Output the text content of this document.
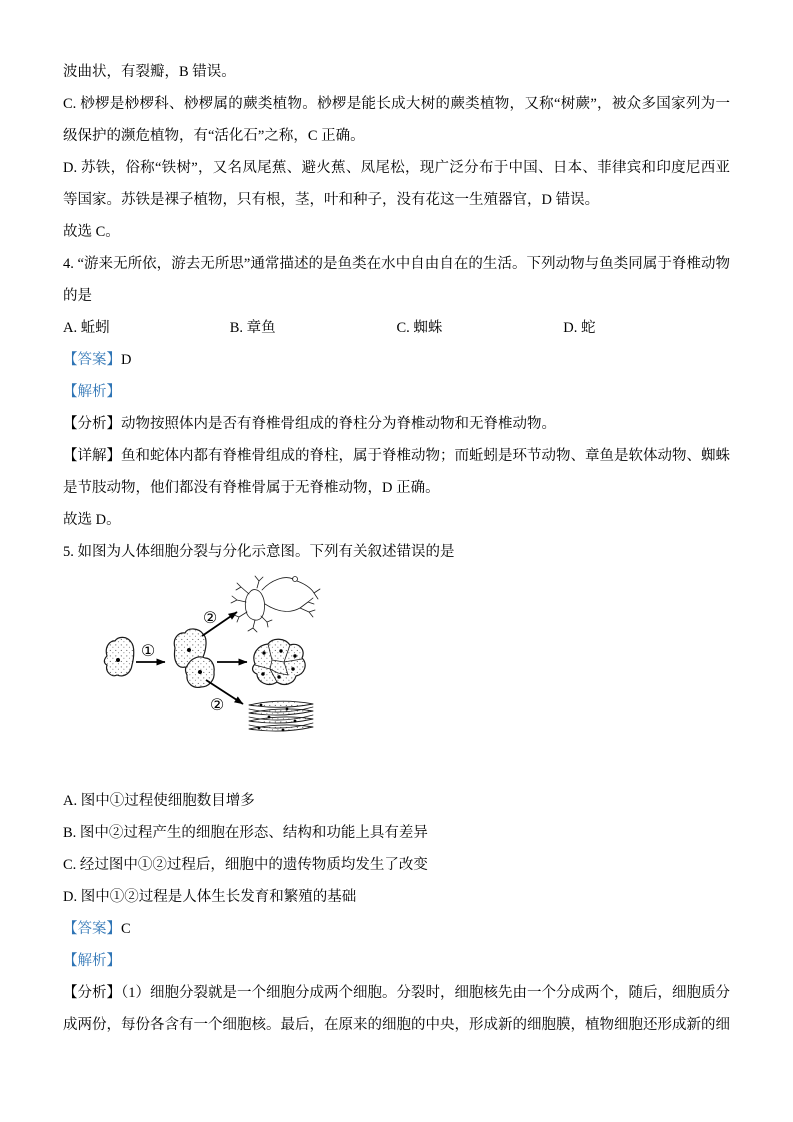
波曲状，有裂瓣，B 错误。

C. 桫椤是桫椤科、桫椤属的蕨类植物。桫椤是能长成大树的蕨类植物，又称“树蕨”，被众多国家列为一级保护的濒危植物，有“活化石”之称，C 正确。

D. 苏铁，俗称“铁树”，又名凤尾蕉、避火蕉、凤尾松，现广泛分布于中国、日本、菲律宾和印度尼西亚等国家。苏铁是裸子植物，只有根，茎，叶和种子，没有花这一生殖器官，D 错误。

故选 C。

4. “游来无所依，游去无所思”通常描述的是鱼类在水中自由自在的生活。下列动物与鱼类同属于脊椎动物的是

A. 蚯蚓	B. 章鱼	C. 蜘蛛	D. 蛇

【答案】D

【解析】

【分析】动物按照体内是否有脊椎骨组成的脊柱分为脊椎动物和无脊椎动物。

【详解】鱼和蛇体内都有脊椎骨组成的脊柱，属于脊椎动物；而蚯蚓是环节动物、章鱼是软体动物、蜘蛛是节肢动物，他们都没有脊椎骨属于无脊椎动物，D 正确。

故选 D。

5. 如图为人体细胞分裂与分化示意图。下列有关叙述错误的是

①
②
②

A. 图中①过程使细胞数目增多

B. 图中②过程产生的细胞在形态、结构和功能上具有差异

C. 经过图中①②过程后，细胞中的遗传物质均发生了改变

D. 图中①②过程是人体生长发育和繁殖的基础

【答案】C

【解析】

【分析】（1）细胞分裂就是一个细胞分成两个细胞。分裂时，细胞核先由一个分成两个，随后，细胞质分成两份，每份各含有一个细胞核。最后，在原来的细胞的中央，形成新的细胞膜，植物细胞还形成新的细
